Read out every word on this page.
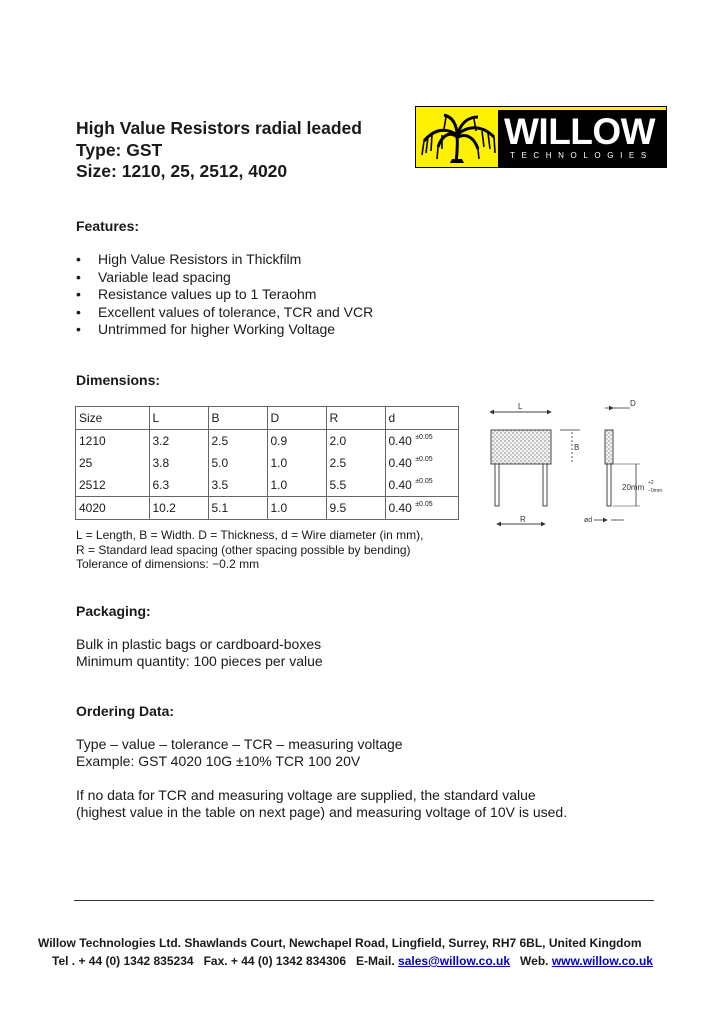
High Value Resistors radial leaded
Type: GST
Size: 1210, 25, 2512, 4020
WILLOW
TECHNOLOGIES
Features:
• High Value Resistors in Thickfilm
• Variable lead spacing
• Resistance values up to 1 Teraohm
• Excellent values of tolerance, TCR and VCR
• Untrimmed for higher Working Voltage
Dimensions:
Size	L	B	D	R	d
1210	3.2	2.5	0.9	2.0	0.40 $^{\pm 0.05}$
25	3.8	5.0	1.0	2.5	0.40 $^{\pm 0.05}$
2512	6.3	3.5	1.0	5.5	0.40 $^{\pm 0.05}$
4020	10.2	5.1	1.0	9.5	0.40 $^{\pm 0.05}$
L
B
R
D
20mm +2
−0mm
ød
L = Length, B = Width. D = Thickness, d = Wire diameter (in mm),
R = Standard lead spacing (other spacing possible by bending)
Tolerance of dimensions: −0.2 mm
Packaging:
Bulk in plastic bags or cardboard-boxes
Minimum quantity: 100 pieces per value
Ordering Data:
Type – value – tolerance – TCR – measuring voltage
Example: GST 4020 10G ±10% TCR 100 20V
If no data for TCR and measuring voltage are supplied, the standard value
(highest value in the table on next page) and measuring voltage of 10V is used.
Willow Technologies Ltd. Shawlands Court, Newchapel Road, Lingfield, Surrey, RH7 6BL, United Kingdom
Tel . + 44 (0) 1342 835234 Fax. + 44 (0) 1342 834306 E-Mail. sales@willow.co.uk Web. www.willow.co.uk
